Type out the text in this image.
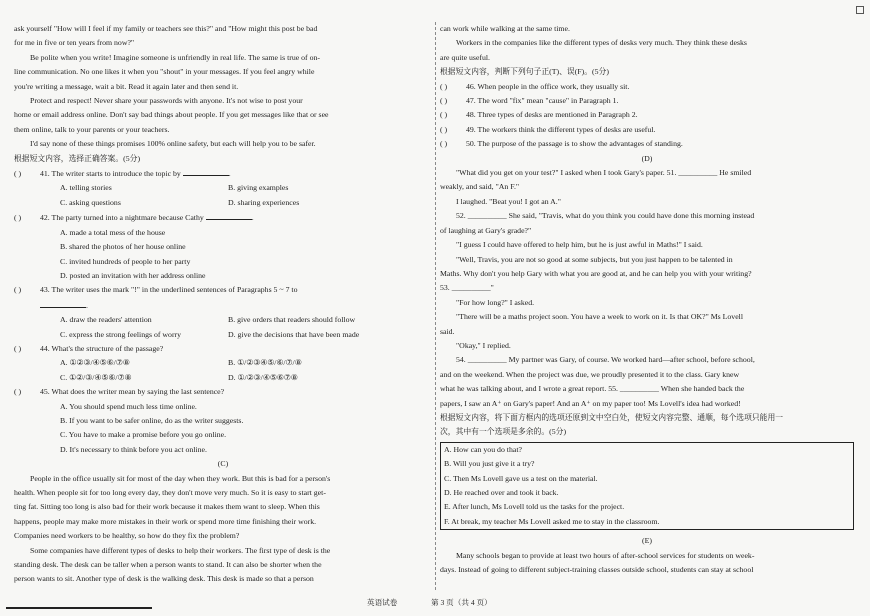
ask yourself "How will I feel if my family or teachers see this?" and "How might this post be bad
for me in five or ten years from now?"
Be polite when you write! Imagine someone is unfriendly in real life. The same is true of on-
line communication. No one likes it when you "shout" in your messages. If you feel angry while
you're writing a message, wait a bit. Read it again later and then send it.
Protect and respect! Never share your passwords with anyone. It's not wise to post your
home or email address online. Don't say bad things about people. If you get messages like that or see
them online, talk to your parents or your teachers.
I'd say none of these things promises 100% online safety, but each will help you to be safer.
根据短文内容，选择正确答案。(5分)
( ) 41. The writer starts to introduce the topic by	.
A. telling stories	B. giving examples
C. asking questions	D. sharing experiences
( ) 42. The party turned into a nightmare because Cathy	.
A. made a total mess of the house
B. shared the photos of her house online
C. invited hundreds of people to her party
D. posted an invitation with her address online
( ) 43. The writer uses the mark "!" in the underlined sentences of Paragraphs 5 ~ 7 to
.
A. draw the readers' attention	B. give orders that readers should follow
C. express the strong feelings of worry	D. give the decisions that have been made
( ) 44. What's the structure of the passage?
A. ①②③/④⑤⑥/⑦⑧	B. ①/②③④⑤/⑥/⑦/⑧
C. ①②/③/④⑤⑥/⑦⑧	D. ①/②③/④⑤⑥⑦⑧
( ) 45. What does the writer mean by saying the last sentence?
A. You should spend much less time online.
B. If you want to be safer online, do as the writer suggests.
C. You have to make a promise before you go online.
D. It's necessary to think before you act online.
(C)
People in the office usually sit for most of the day when they work. But this is bad for a person's
health. When people sit for too long every day, they don't move very much. So it is easy to start get-
ting fat. Sitting too long is also bad for their work because it makes them want to sleep. When this
happens, people may make more mistakes in their work or spend more time finishing their work.
Companies need workers to be healthy, so how do they fix the problem?
Some companies have different types of desks to help their workers. The first type of desk is the
standing desk. The desk can be taller when a person wants to stand. It can also be shorter when the
person wants to sit. Another type of desk is the walking desk. This desk is made so that a person
can work while walking at the same time.
Workers in the companies like the different types of desks very much. They think these desks
are quite useful.
根据短文内容，判断下列句子正(T)、误(F)。(5分)
( ) 46. When people in the office work, they usually sit.
( ) 47. The word "fix" mean "cause" in Paragraph 1.
( ) 48. Three types of desks are mentioned in Paragraph 2.
( ) 49. The workers think the different types of desks are useful.
( ) 50. The purpose of the passage is to show the advantages of standing.
(D)
"What did you get on your test?" I asked when I took Gary's paper. 51. __________ He smiled
weakly, and said, "An F."
I laughed. "Beat you! I got an A."
52. __________ She said, "Travis, what do you think you could have done this morning instead
of laughing at Gary's grade?"
"I guess I could have offered to help him, but he is just awful in Maths!" I said.
"Well, Travis, you are not so good at some subjects, but you just happen to be talented in
Maths. Why don't you help Gary with what you are good at, and he can help you with your writing?
53. __________"
"For how long?" I asked.
"There will be a maths project soon. You have a week to work on it. Is that OK?" Ms Lovell
said.
"Okay," I replied.
54. __________ My partner was Gary, of course. We worked hard—after school, before school,
and on the weekend. When the project was due, we proudly presented it to the class. Gary knew
what he was talking about, and I wrote a great report. 55. __________ When she handed back the
papers, I saw an A⁺ on Gary's paper! And an A⁺ on my paper too! Ms Lovell's idea had worked!
根据短文内容，将下面方框内的选项还原到文中空白处，使短文内容完整、通顺，每个选项只能用一
次，其中有一个选项是多余的。(5分)
A. How can you do that?
B. Will you just give it a try?
C. Then Ms Lovell gave us a test on the material.
D. He reached over and took it back.
E. After lunch, Ms Lovell told us the tasks for the project.
F. At break, my teacher Ms Lovell asked me to stay in the classroom.
(E)
Many schools began to provide at least two hours of after-school services for students on week-
days. Instead of going to different subject-training classes outside school, students can stay at school
英语试卷	第 3 页（共 4 页）
